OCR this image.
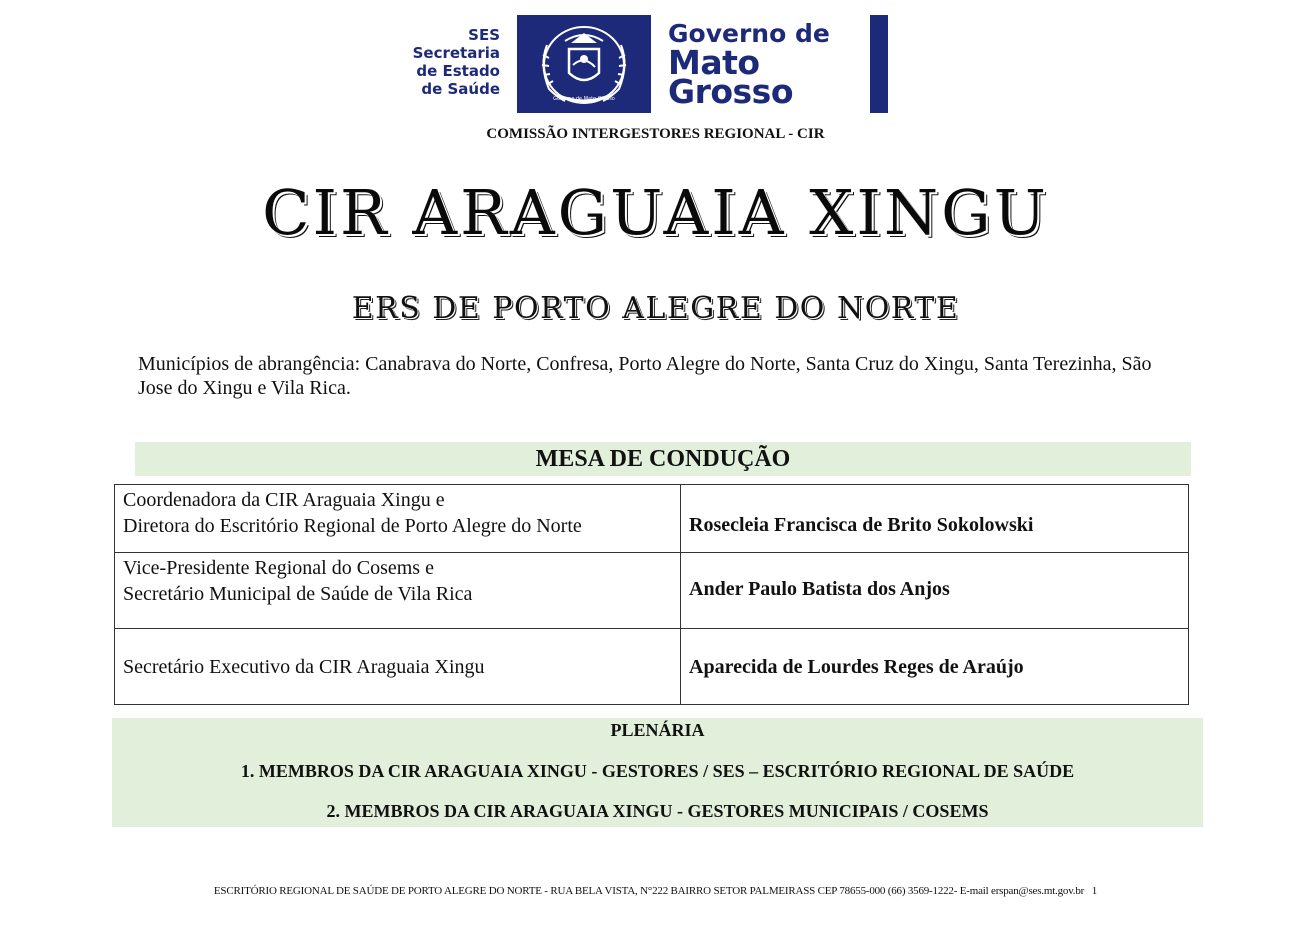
SES
Secretaria
de Estado
de Saúde
Governo de Mato Grosso
Governo de
Mato
Grosso
COMISSÃO INTERGESTORES REGIONAL - CIR
CIR ARAGUAIA XINGU
ERS DE PORTO ALEGRE DO NORTE
Municípios de abrangência: Canabrava do Norte, Confresa, Porto Alegre do Norte, Santa Cruz do Xingu, Santa Terezinha, São Jose do Xingu e Vila Rica.
MESA DE CONDUÇÃO
Coordenadora da CIR Araguaia Xingu e
Diretora do Escritório Regional de Porto Alegre do Norte	Rosecleia Francisca de Brito Sokolowski

Vice-Presidente Regional do Cosems e
Secretário Municipal de Saúde de Vila Rica	Ander Paulo Batista dos Anjos

Secretário Executivo da CIR Araguaia Xingu	Aparecida de Lourdes Reges de Araújo
PLENÁRIA
1. MEMBROS DA CIR ARAGUAIA XINGU - GESTORES / SES – ESCRITÓRIO REGIONAL DE SAÚDE
2. MEMBROS DA CIR ARAGUAIA XINGU - GESTORES MUNICIPAIS / COSEMS
ESCRITÓRIO REGIONAL DE SAÚDE DE PORTO ALEGRE DO NORTE - RUA BELA VISTA, N°222 BAIRRO SETOR PALMEIRASS CEP 78655-000 (66) 3569-1222- E-mail erspan@ses.mt.gov.br 1
